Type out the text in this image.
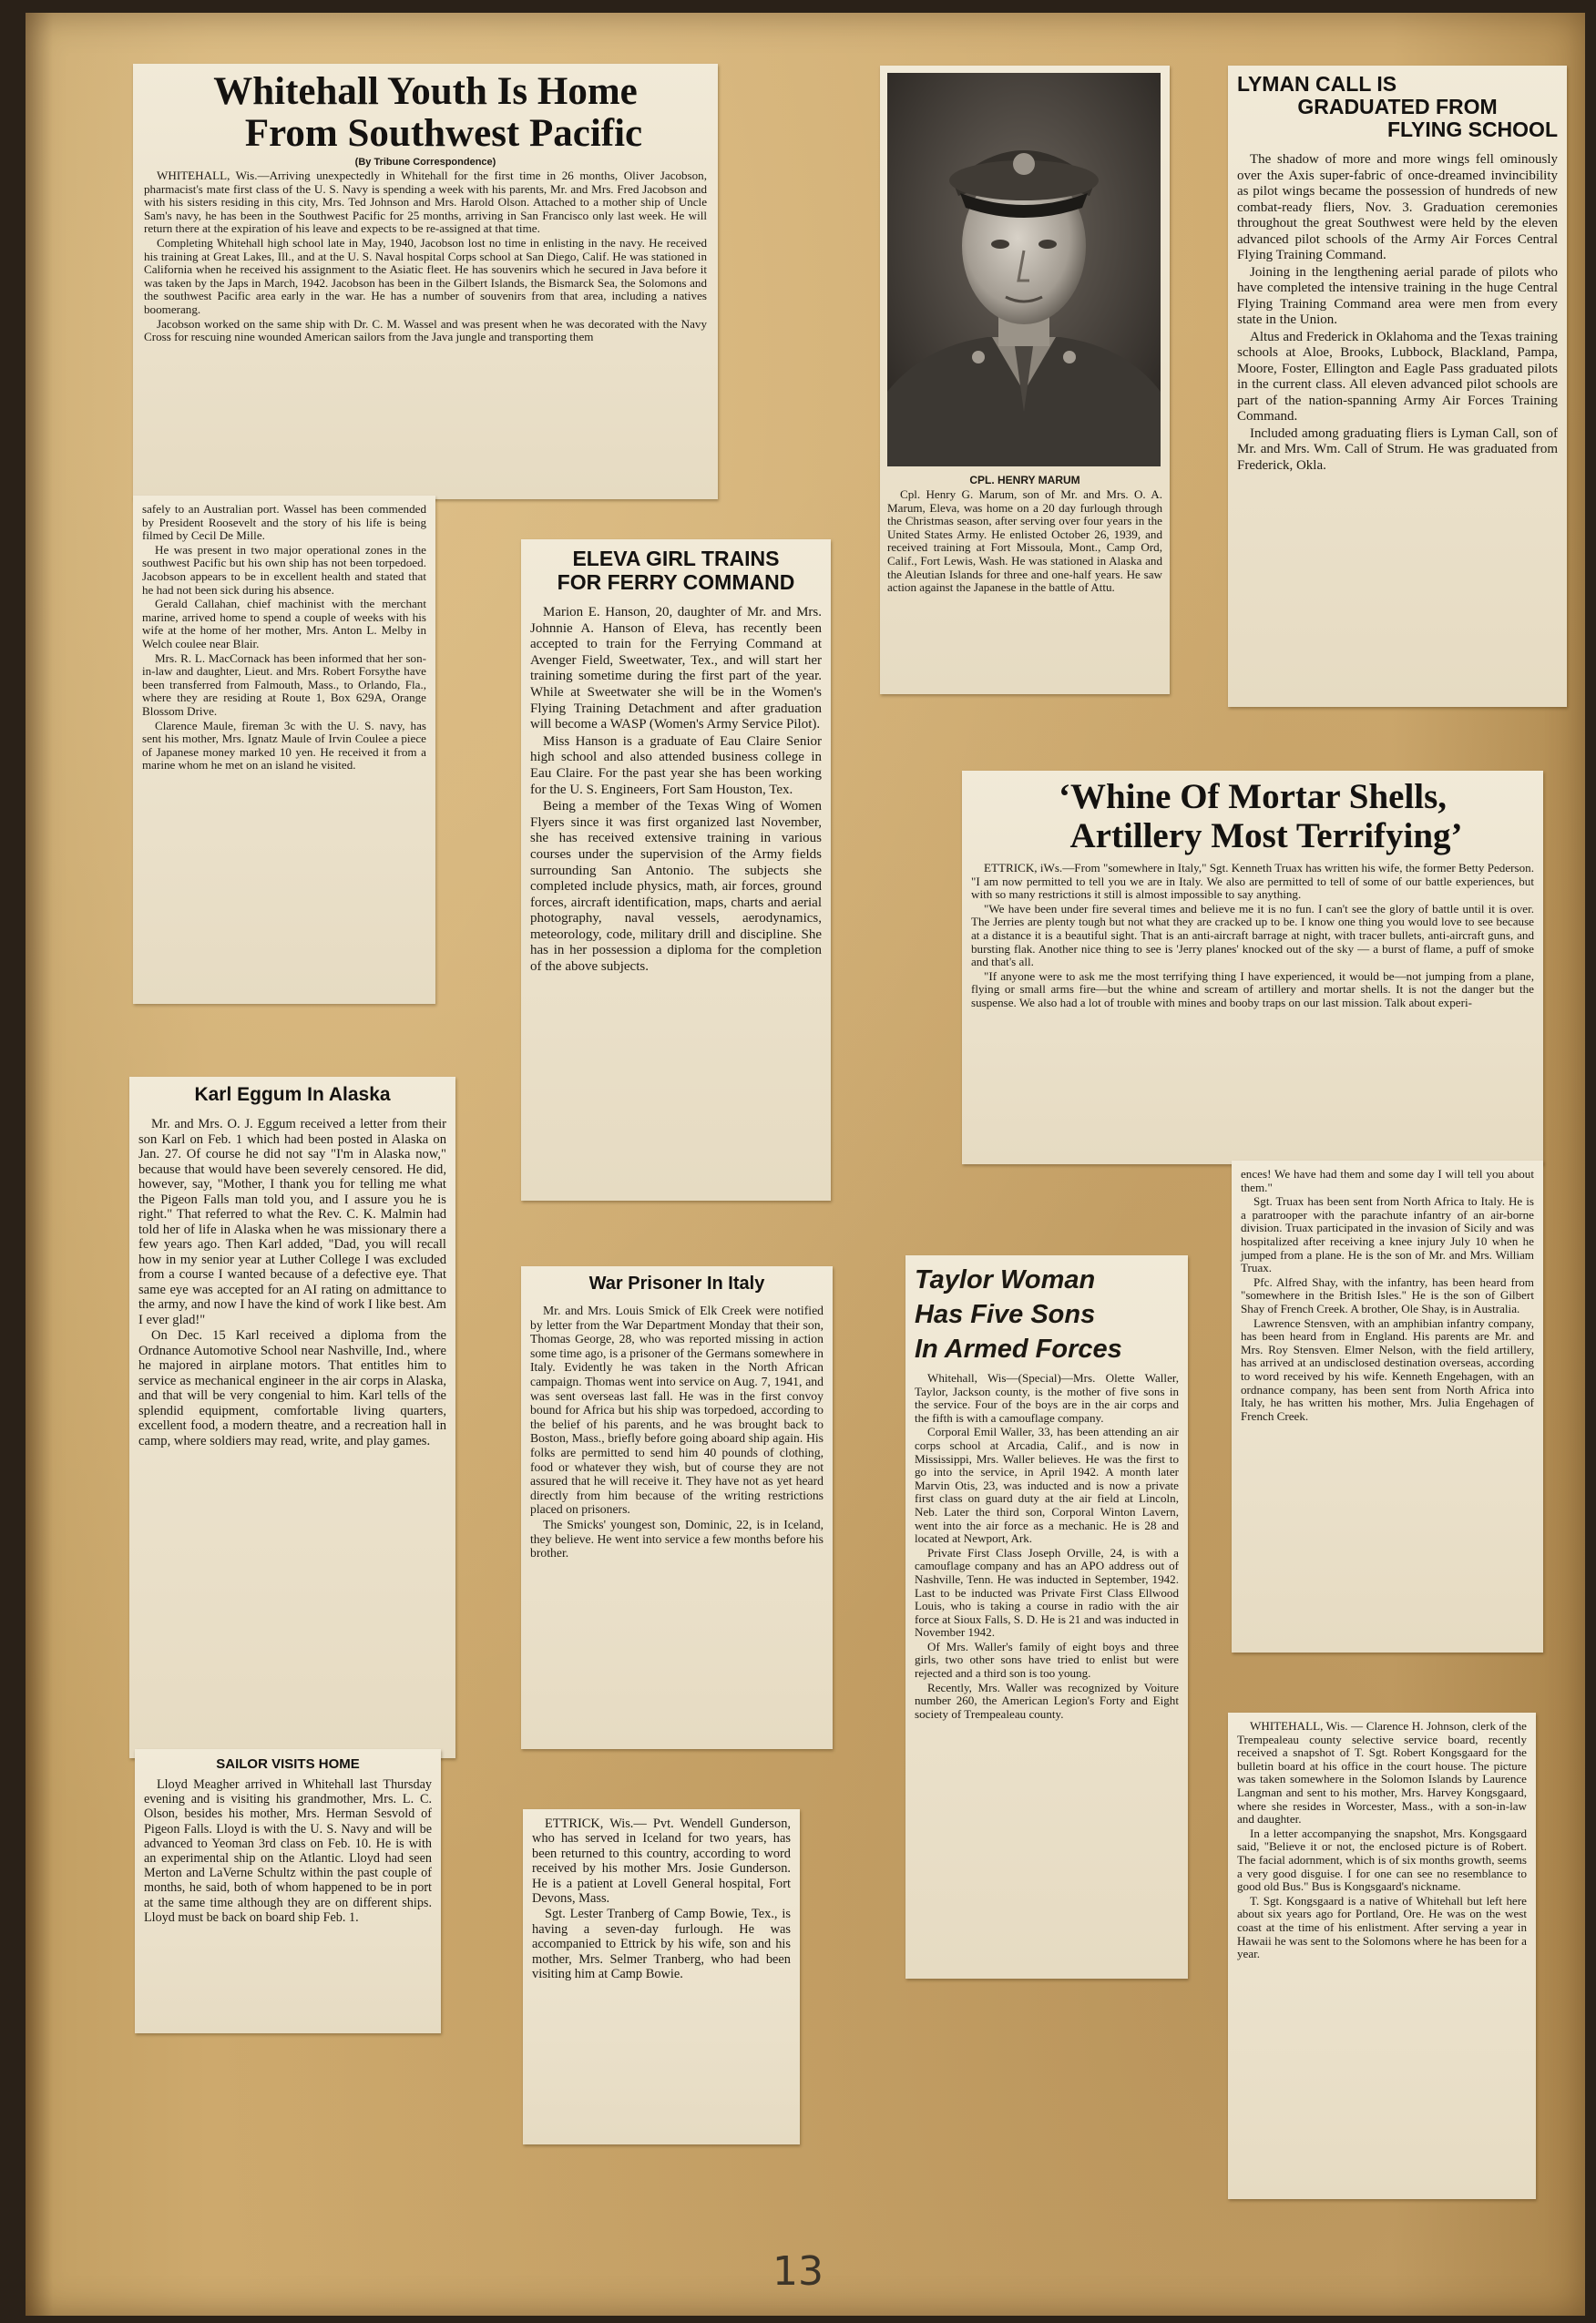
Whitehall Youth Is Home
From Southwest Pacific
(By Tribune Correspondence)

WHITEHALL, Wis.—Arriving unexpectedly in Whitehall for the first time in 26 months, Oliver Jacobson, pharmacist's mate first class of the U. S. Navy is spending a week with his parents, Mr. and Mrs. Fred Jacobson and with his sisters residing in this city, Mrs. Ted Johnson and Mrs. Harold Olson. Attached to a mother ship of Uncle Sam's navy, he has been in the Southwest Pacific for 25 months, arriving in San Francisco only last week. He will return there at the expiration of his leave and expects to be re-assigned at that time.

Completing Whitehall high school late in May, 1940, Jacobson lost no time in enlisting in the navy. He received his training at Great Lakes, Ill., and at the U. S. Naval hospital Corps school at San Diego, Calif. He was stationed in California when he received his assignment to the Asiatic fleet. He has souvenirs which he secured in Java before it was taken by the Japs in March, 1942. Jacobson has been in the Gilbert Islands, the Bismarck Sea, the Solomons and the southwest Pacific area early in the war. He has a number of souvenirs from that area, including a natives boomerang.

Jacobson worked on the same ship with Dr. C. M. Wassel and was present when he was decorated with the Navy Cross for rescuing nine wounded American sailors from the Java jungle and transporting them

safely to an Australian port. Wassel has been commended by President Roosevelt and the story of his life is being filmed by Cecil De Mille.

He was present in two major operational zones in the southwest Pacific but his own ship has not been torpedoed. Jacobson appears to be in excellent health and stated that he had not been sick during his absence.

Gerald Callahan, chief machinist with the merchant marine, arrived home to spend a couple of weeks with his wife at the home of her mother, Mrs. Anton L. Melby in Welch coulee near Blair.

Mrs. R. L. MacCornack has been informed that her son-in-law and daughter, Lieut. and Mrs. Robert Forsythe have been transferred from Falmouth, Mass., to Orlando, Fla., where they are residing at Route 1, Box 629A, Orange Blossom Drive.

Clarence Maule, fireman 3c with the U. S. navy, has sent his mother, Mrs. Ignatz Maule of Irvin Coulee a piece of Japanese money marked 10 yen. He received it from a marine whom he met on an island he visited.

CPL. HENRY MARUM

Cpl. Henry G. Marum, son of Mr. and Mrs. O. A. Marum, Eleva, was home on a 20 day furlough through the Christmas season, after serving over four years in the United States Army. He enlisted October 26, 1939, and received training at Fort Missoula, Mont., Camp Ord, Calif., Fort Lewis, Wash. He was stationed in Alaska and the Aleutian Islands for three and one-half years. He saw action against the Japanese in the battle of Attu.

LYMAN CALL IS
GRADUATED FROM
FLYING SCHOOL

The shadow of more and more wings fell ominously over the Axis super-fabric of once-dreamed invincibility as pilot wings became the possession of hundreds of new combat-ready fliers, Nov. 3. Graduation ceremonies throughout the great Southwest were held by the eleven advanced pilot schools of the Army Air Forces Central Flying Training Command.

Joining in the lengthening aerial parade of pilots who have completed the intensive training in the huge Central Flying Training Command area were men from every state in the Union.

Altus and Frederick in Oklahoma and the Texas training schools at Aloe, Brooks, Lubbock, Blackland, Pampa, Moore, Foster, Ellington and Eagle Pass graduated pilots in the current class. All eleven advanced pilot schools are part of the nation-spanning Army Air Forces Training Command.

Included among graduating fliers is Lyman Call, son of Mr. and Mrs. Wm. Call of Strum. He was graduated from Frederick, Okla.

ELEVA GIRL TRAINS
FOR FERRY COMMAND

Marion E. Hanson, 20, daughter of Mr. and Mrs. Johnnie A. Hanson of Eleva, has recently been accepted to train for the Ferrying Command at Avenger Field, Sweetwater, Tex., and will start her training sometime during the first part of the year. While at Sweetwater she will be in the Women's Flying Training Detachment and after graduation will become a WASP (Women's Army Service Pilot).

Miss Hanson is a graduate of Eau Claire Senior high school and also attended business college in Eau Claire. For the past year she has been working for the U. S. Engineers, Fort Sam Houston, Tex.

Being a member of the Texas Wing of Women Flyers since it was first organized last November, she has received extensive training in various courses under the supervision of the Army fields surrounding San Antonio. The subjects she completed include physics, math, air forces, ground forces, aircraft identification, maps, charts and aerial photography, naval vessels, aerodynamics, meteorology, code, military drill and discipline. She has in her possession a diploma for the completion of the above subjects.

‘Whine Of Mortar Shells,
Artillery Most Terrifying’

ETTRICK, iWs.—From "somewhere in Italy," Sgt. Kenneth Truax has written his wife, the former Betty Pederson. "I am now permitted to tell you we are in Italy. We also are permitted to tell of some of our battle experiences, but with so many restrictions it still is almost impossible to say anything.

"We have been under fire several times and believe me it is no fun. I can't see the glory of battle until it is over. The Jerries are plenty tough but not what they are cracked up to be. I know one thing you would love to see because at a distance it is a beautiful sight. That is an anti-aircraft barrage at night, with tracer bullets, anti-aircraft guns, and bursting flak. Another nice thing to see is 'Jerry planes' knocked out of the sky — a burst of flame, a puff of smoke and that's all.

"If anyone were to ask me the most terrifying thing I have experienced, it would be—not jumping from a plane, flying or small arms fire—but the whine and scream of artillery and mortar shells. It is not the danger but the suspense. We also had a lot of trouble with mines and booby traps on our last mission. Talk about experi-

ences! We have had them and some day I will tell you about them."

Sgt. Truax has been sent from North Africa to Italy. He is a paratrooper with the parachute infantry of an air-borne division. Truax participated in the invasion of Sicily and was hospitalized after receiving a knee injury July 10 when he jumped from a plane. He is the son of Mr. and Mrs. William Truax.

Pfc. Alfred Shay, with the infantry, has been heard from "somewhere in the British Isles." He is the son of Gilbert Shay of French Creek. A brother, Ole Shay, is in Australia.

Lawrence Stensven, with an amphibian infantry company, has been heard from in England. His parents are Mr. and Mrs. Roy Stensven. Elmer Nelson, with the field artillery, has arrived at an undisclosed destination overseas, according to word received by his wife. Kenneth Engehagen, with an ordnance company, has been sent from North Africa into Italy, he has written his mother, Mrs. Julia Engehagen of French Creek.

Karl Eggum In Alaska

Mr. and Mrs. O. J. Eggum received a letter from their son Karl on Feb. 1 which had been posted in Alaska on Jan. 27. Of course he did not say "I'm in Alaska now," because that would have been severely censored. He did, however, say, "Mother, I thank you for telling me what the Pigeon Falls man told you, and I assure you he is right." That referred to what the Rev. C. K. Malmin had told her of life in Alaska when he was missionary there a few years ago. Then Karl added, "Dad, you will recall how in my senior year at Luther College I was excluded from a course I wanted because of a defective eye. That same eye was accepted for an AI rating on admittance to the army, and now I have the kind of work I like best. Am I ever glad!"

On Dec. 15 Karl received a diploma from the Ordnance Automotive School near Nashville, Ind., where he majored in airplane motors. That entitles him to service as mechanical engineer in the air corps in Alaska, and that will be very congenial to him. Karl tells of the splendid equipment, comfortable living quarters, excellent food, a modern theatre, and a recreation hall in camp, where soldiers may read, write, and play games.

War Prisoner In Italy

Mr. and Mrs. Louis Smick of Elk Creek were notified by letter from the War Department Monday that their son, Thomas George, 28, who was reported missing in action some time ago, is a prisoner of the Germans somewhere in Italy. Evidently he was taken in the North African campaign. Thomas went into service on Aug. 7, 1941, and was sent overseas last fall. He was in the first convoy bound for Africa but his ship was torpedoed, according to the belief of his parents, and he was brought back to Boston, Mass., briefly before going aboard ship again. His folks are permitted to send him 40 pounds of clothing, food or whatever they wish, but of course they are not assured that he will receive it. They have not as yet heard directly from him because of the writing restrictions placed on prisoners.

The Smicks' youngest son, Dominic, 22, is in Iceland, they believe. He went into service a few months before his brother.

Taylor Woman
Has Five Sons
In Armed Forces

Whitehall, Wis—(Special)—Mrs. Olette Waller, Taylor, Jackson county, is the mother of five sons in the service. Four of the boys are in the air corps and the fifth is with a camouflage company.

Corporal Emil Waller, 33, has been attending an air corps school at Arcadia, Calif., and is now in Mississippi, Mrs. Waller believes. He was the first to go into the service, in April 1942. A month later Marvin Otis, 23, was inducted and is now a private first class on guard duty at the air field at Lincoln, Neb. Later the third son, Corporal Winton Lavern, went into the air force as a mechanic. He is 28 and located at Newport, Ark.

Private First Class Joseph Orville, 24, is with a camouflage company and has an APO address out of Nashville, Tenn. He was inducted in September, 1942. Last to be inducted was Private First Class Ellwood Louis, who is taking a course in radio with the air force at Sioux Falls, S. D. He is 21 and was inducted in November 1942.

Of Mrs. Waller's family of eight boys and three girls, two other sons have tried to enlist but were rejected and a third son is too young.

Recently, Mrs. Waller was recognized by Voiture number 260, the American Legion's Forty and Eight society of Trempealeau county.

SAILOR VISITS HOME

Lloyd Meagher arrived in Whitehall last Thursday evening and is visiting his grandmother, Mrs. L. C. Olson, besides his mother, Mrs. Herman Sesvold of Pigeon Falls. Lloyd is with the U. S. Navy and will be advanced to Yeoman 3rd class on Feb. 10. He is with an experimental ship on the Atlantic. Lloyd had seen Merton and LaVerne Schultz within the past couple of months, he said, both of whom happened to be in port at the same time although they are on different ships. Lloyd must be back on board ship Feb. 1.

ETTRICK, Wis.— Pvt. Wendell Gunderson, who has served in Iceland for two years, has been returned to this country, according to word received by his mother Mrs. Josie Gunderson. He is a patient at Lovell General hospital, Fort Devons, Mass.

Sgt. Lester Tranberg of Camp Bowie, Tex., is having a seven-day furlough. He was accompanied to Ettrick by his wife, son and his mother, Mrs. Selmer Tranberg, who had been visiting him at Camp Bowie.

WHITEHALL, Wis. — Clarence H. Johnson, clerk of the Trempealeau county selective service board, recently received a snapshot of T. Sgt. Robert Kongsgaard for the bulletin board at his office in the court house. The picture was taken somewhere in the Solomon Islands by Laurence Langman and sent to his mother, Mrs. Harvey Kongsgaard, where she resides in Worcester, Mass., with a son-in-law and daughter.

In a letter accompanying the snapshot, Mrs. Kongsgaard said, "Believe it or not, the enclosed picture is of Robert. The facial adornment, which is of six months growth, seems a very good disguise. I for one can see no resemblance to good old Bus." Bus is Kongsgaard's nickname.

T. Sgt. Kongsgaard is a native of Whitehall but left here about six years ago for Portland, Ore. He was on the west coast at the time of his enlistment. After serving a year in Hawaii he was sent to the Solomons where he has been for a year.

13
